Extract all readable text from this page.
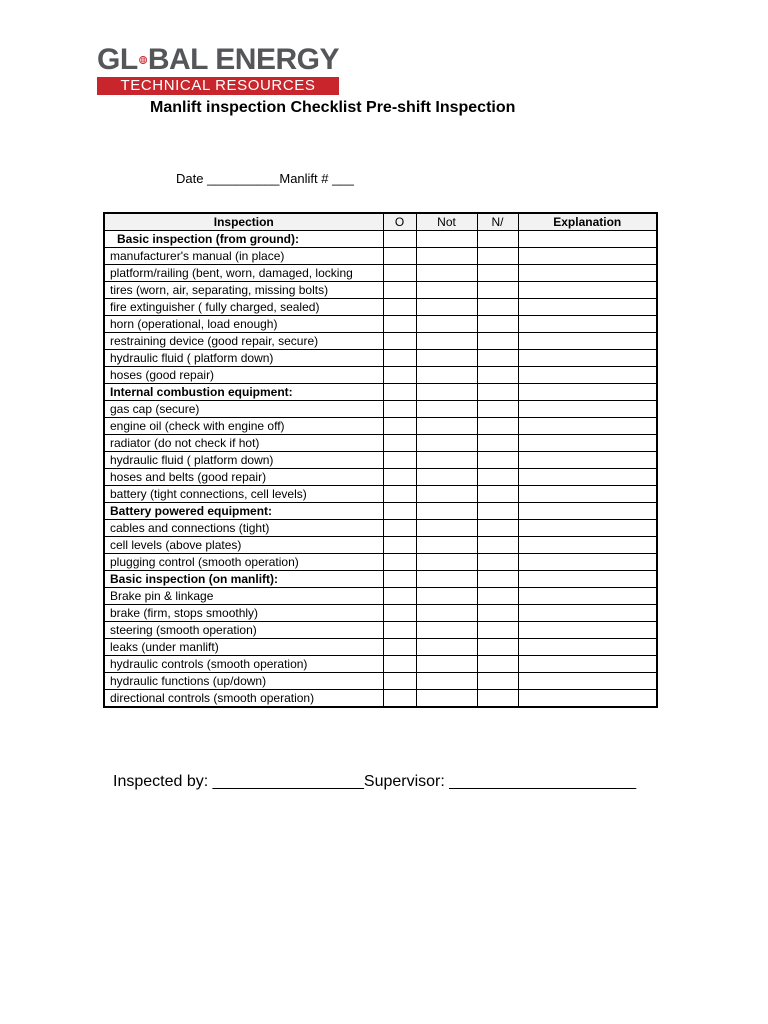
GL BAL ENERGY
TECHNICAL RESOURCES
Manlift inspection Checklist Pre-shift Inspection
Date __________Manlift # ___
Inspection	O	Not	N/	Explanation
Basic inspection (from ground):				
manufacturer's manual (in place)				
platform/railing (bent, worn, damaged, locking				
tires (worn, air, separating, missing bolts)				
fire extinguisher ( fully charged, sealed)				
horn (operational, load enough)				
restraining device (good repair, secure)				
hydraulic fluid ( platform down)				
hoses (good repair)				
Internal combustion equipment:				
gas cap (secure)				
engine oil (check with engine off)				
radiator (do not check if hot)				
hydraulic fluid ( platform down)				
hoses and belts (good repair)				
battery (tight connections, cell levels)				
Battery powered equipment:				
cables and connections (tight)				
cell levels (above plates)				
plugging control (smooth operation)				
Basic inspection (on manlift):				
Brake pin & linkage				
brake (firm, stops smoothly)				
steering (smooth operation)				
leaks (under manlift)				
hydraulic controls (smooth operation)				
hydraulic functions (up/down)				
directional controls (smooth operation)				
Inspected by: _________________Supervisor: _____________________
